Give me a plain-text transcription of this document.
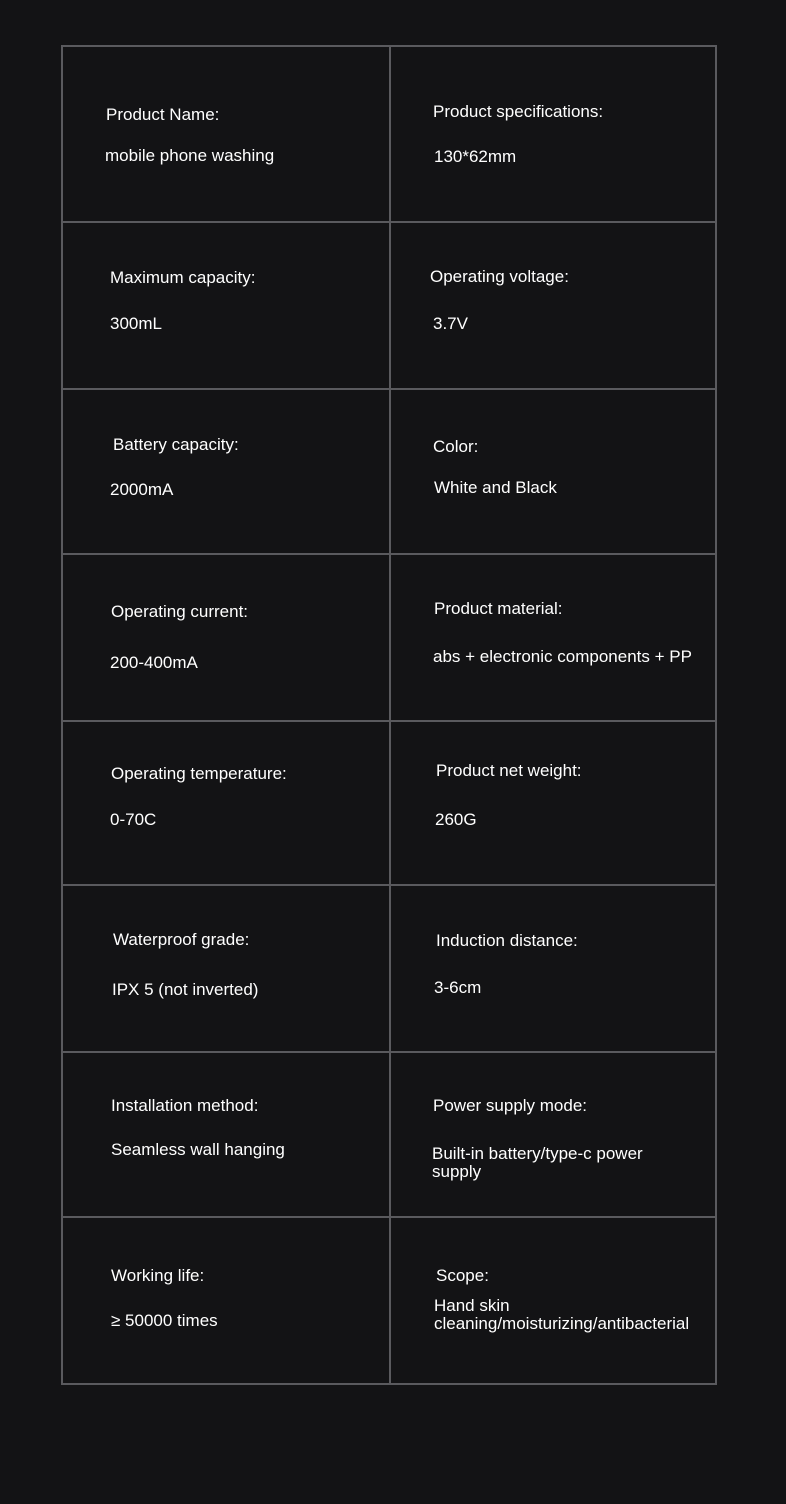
Product Name:
mobile phone washing	Product specifications:
130*62mm

Maximum capacity:
300mL	Operating voltage:
3.7V

Battery capacity:
2000mA	Color:
White and Black

Operating current:
200-400mA	Product material:
abs + electronic components + PP

Operating temperature:
0-70C	Product net weight:
260G

Waterproof grade:
IPX 5 (not inverted)	Induction distance:
3-6cm

Installation method:
Seamless wall hanging	Power supply mode:
Built-in battery/type-c power supply

Working life:
≥ 50000 times	Scope:
Hand skin cleaning/moisturizing/antibacterial
